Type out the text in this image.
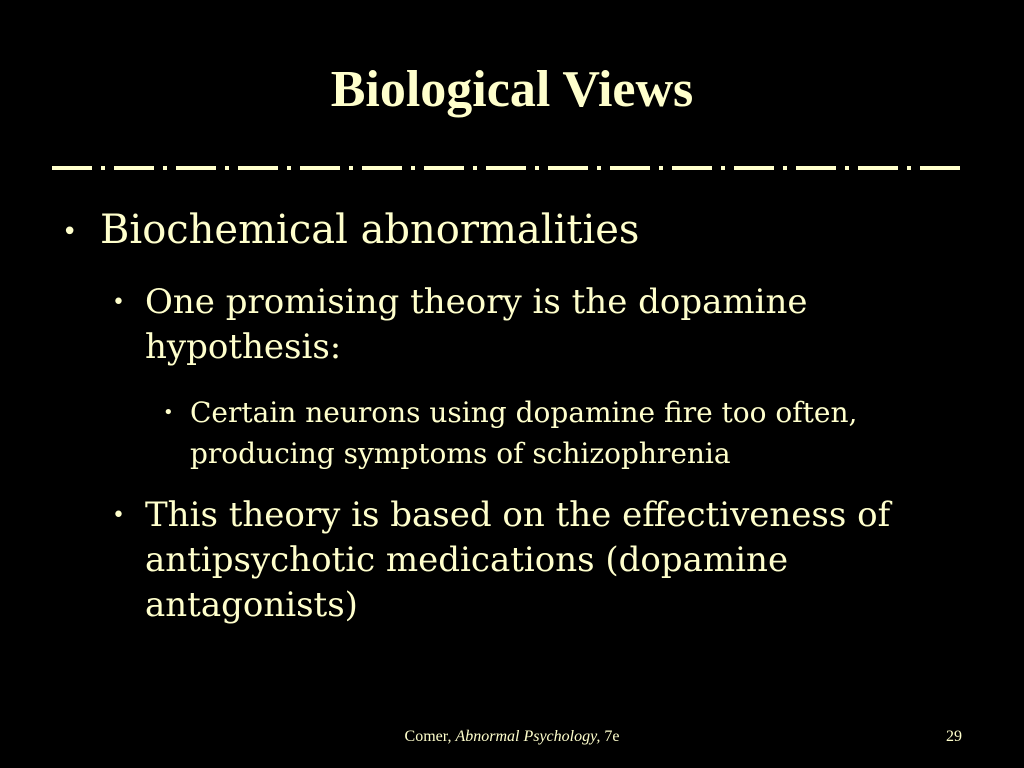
Biological Views
• Biochemical abnormalities
• One promising theory is the dopamine hypothesis:
• Certain neurons using dopamine fire too often, producing symptoms of schizophrenia
• This theory is based on the effectiveness of antipsychotic medications (dopamine antagonists)
Comer, Abnormal Psychology, 7e	29
